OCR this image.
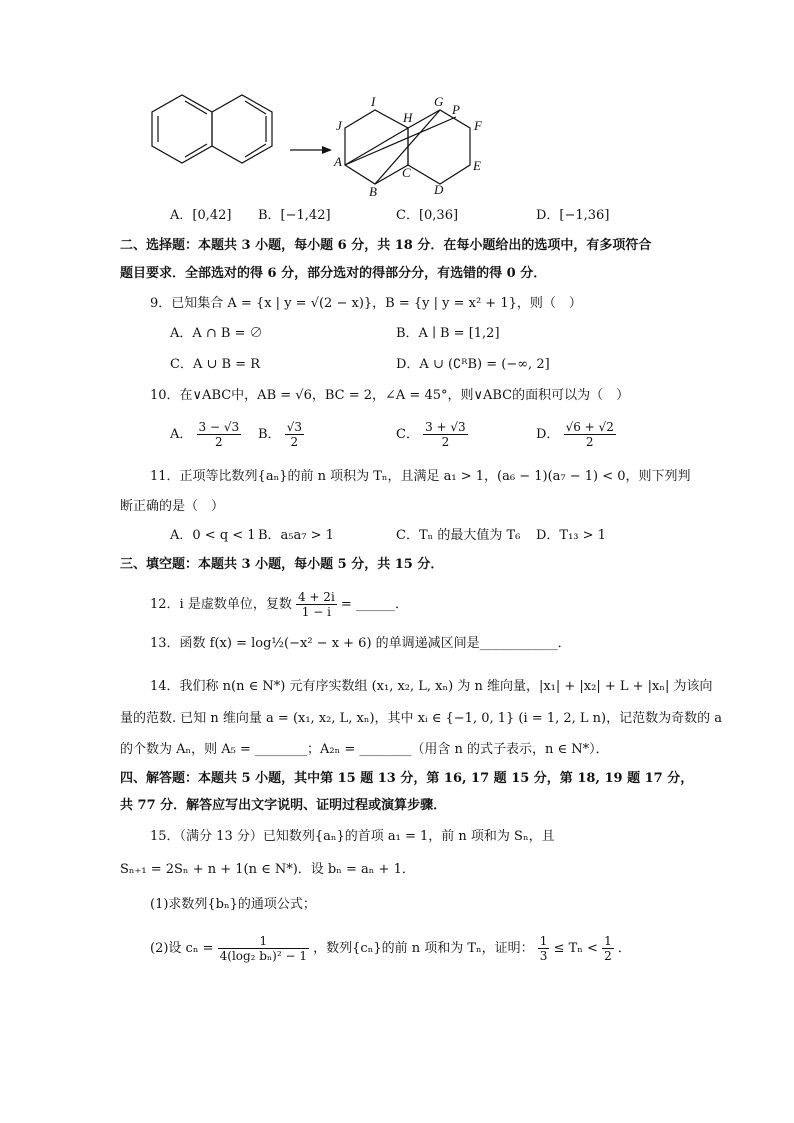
I	G
P
J
H
F
A
C	E
B	D
A．[0,42] B．[−1,42]	C．[0,36]	D．[−1,36]
二、选择题：本题共 3 小题，每小题 6 分，共 18 分．在每小题给出的选项中，有多项符合
题目要求．全部选对的得 6 分，部分选对的得部分分，有选错的得 0 分．
9．已知集合 A = {x | y = √(2 − x)}，B = {y | y = x² + 1}，则（　）
A．A ∩ B = ∅	B．A ∣ B = [1,2]
C．A ∪ B = R	D．A ∪ (∁ᴿB) = (−∞, 2]
10．在∨ABC中，AB = √6，BC = 2，∠A = 45°，则∨ABC的面积可以为（　）
A． $\frac{3 - √3}{2}$ B． $\frac{√3}{2}$	C． $\frac{3 + √3}{2}$	D． $\frac{√6 + √2}{2}$
11．正项等比数列{aₙ}的前 n 项积为 Tₙ，且满足 a₁ > 1，(a₆ − 1)(a₇ − 1) < 0，则下列判
断正确的是（　）
A．0 < q < 1 B．a₅a₇ > 1	C．Tₙ 的最大值为 T₆ D．T₁₃ > 1
三、填空题：本题共 3 小题，每小题 5 分，共 15 分．
12．i 是虚数单位，复数 $\frac{4 + 2i}{1 - i}$ = ______．
13．函数 f(x) = log½(−x² − x + 6) 的单调递减区间是____________．
14．我们称 n(n ∈ N*) 元有序实数组 (x₁, x₂, L, xₙ) 为 n 维向量，|x₁| + |x₂| + L + |xₙ| 为该向
量的范数. 已知 n 维向量 a = (x₁, x₂, L, xₙ)，其中 xᵢ ∈ {−1, 0, 1} (i = 1, 2, L n)，记范数为奇数的 a
的个数为 Aₙ，则 A₅ = ________；A₂ₙ = ________（用含 n 的式子表示，n ∈ N*）．
四、解答题：本题共 5 小题，其中第 15 题 13 分，第 16, 17 题 15 分，第 18, 19 题 17 分，
共 77 分．解答应写出文字说明、证明过程或演算步骤．
15．（满分 13 分）已知数列{aₙ}的首项 a₁ = 1，前 n 项和为 Sₙ，且
Sₙ₊₁ = 2Sₙ + n + 1(n ∈ N*)．设 bₙ = aₙ + 1．
(1)求数列{bₙ}的通项公式；
(2)设 $c_n = \frac{1}{\text{4(log₂ bₙ)² − 1}}$ ，数列{cₙ}的前 n 项和为 Tₙ，证明： $\frac{1}{3} \le T_n < \frac{1}{2}$ ．
